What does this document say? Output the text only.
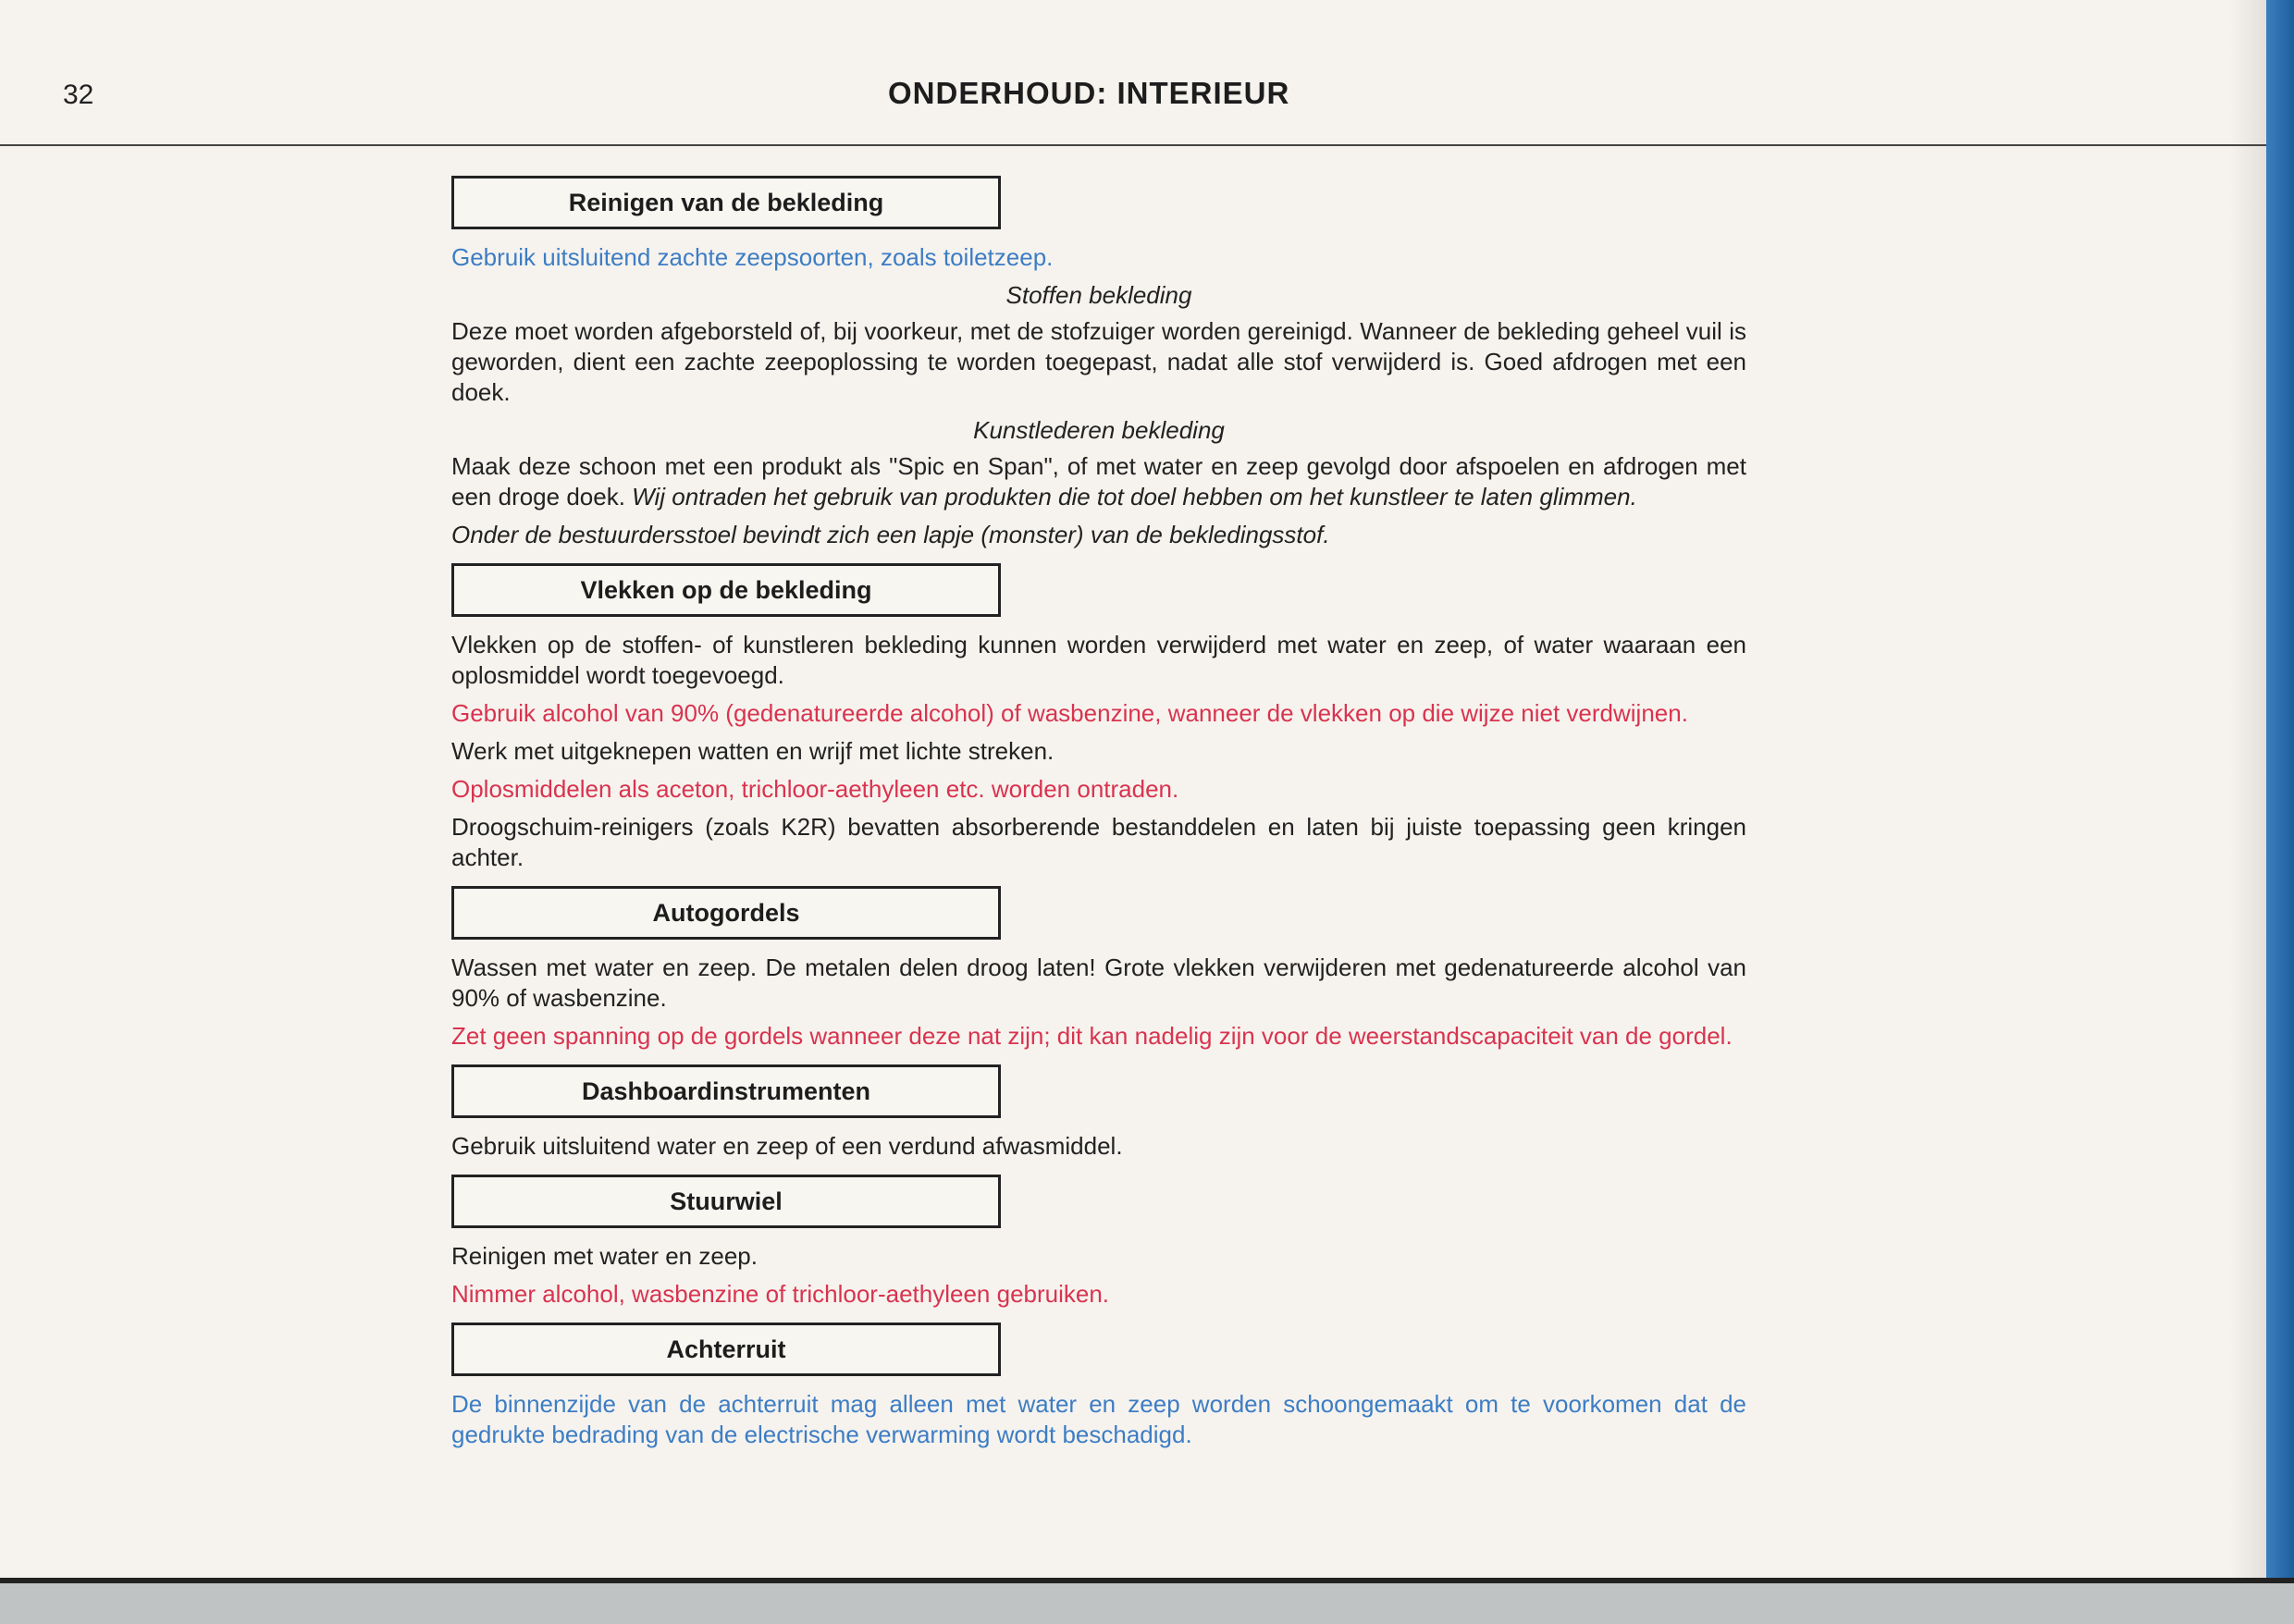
32	ONDERHOUD: INTERIEUR
Reinigen van de bekleding

Gebruik uitsluitend zachte zeepsoorten, zoals toiletzeep.

Stoffen bekleding

Deze moet worden afgeborsteld of, bij voorkeur, met de stofzuiger worden gereinigd. Wanneer de bekleding geheel vuil is geworden, dient een zachte zeepoplossing te worden toegepast, nadat alle stof verwijderd is. Goed afdrogen met een doek.

Kunstlederen bekleding

Maak deze schoon met een produkt als "Spic en Span", of met water en zeep gevolgd door afspoelen en afdrogen met een droge doek. Wij ontraden het gebruik van produkten die tot doel hebben om het kunstleer te laten glimmen.

Onder de bestuurdersstoel bevindt zich een lapje (monster) van de bekledingsstof.

Vlekken op de bekleding

Vlekken op de stoffen- of kunstleren bekleding kunnen worden verwijderd met water en zeep, of water waaraan een oplosmiddel wordt toegevoegd.

Gebruik alcohol van 90% (gedenatureerde alcohol) of wasbenzine, wanneer de vlekken op die wijze niet verdwijnen.

Werk met uitgeknepen watten en wrijf met lichte streken.

Oplosmiddelen als aceton, trichloor-aethyleen etc. worden ontraden.

Droogschuim-reinigers (zoals K2R) bevatten absorberende bestanddelen en laten bij juiste toepassing geen kringen achter.

Autogordels

Wassen met water en zeep. De metalen delen droog laten! Grote vlekken verwijderen met gedenatureerde alcohol van 90% of wasbenzine.

Zet geen spanning op de gordels wanneer deze nat zijn; dit kan nadelig zijn voor de weerstandscapaciteit van de gordel.

Dashboardinstrumenten

Gebruik uitsluitend water en zeep of een verdund afwasmiddel.

Stuurwiel

Reinigen met water en zeep.

Nimmer alcohol, wasbenzine of trichloor-aethyleen gebruiken.

Achterruit

De binnenzijde van de achterruit mag alleen met water en zeep worden schoongemaakt om te voorkomen dat de gedrukte bedrading van de electrische verwarming wordt beschadigd.
